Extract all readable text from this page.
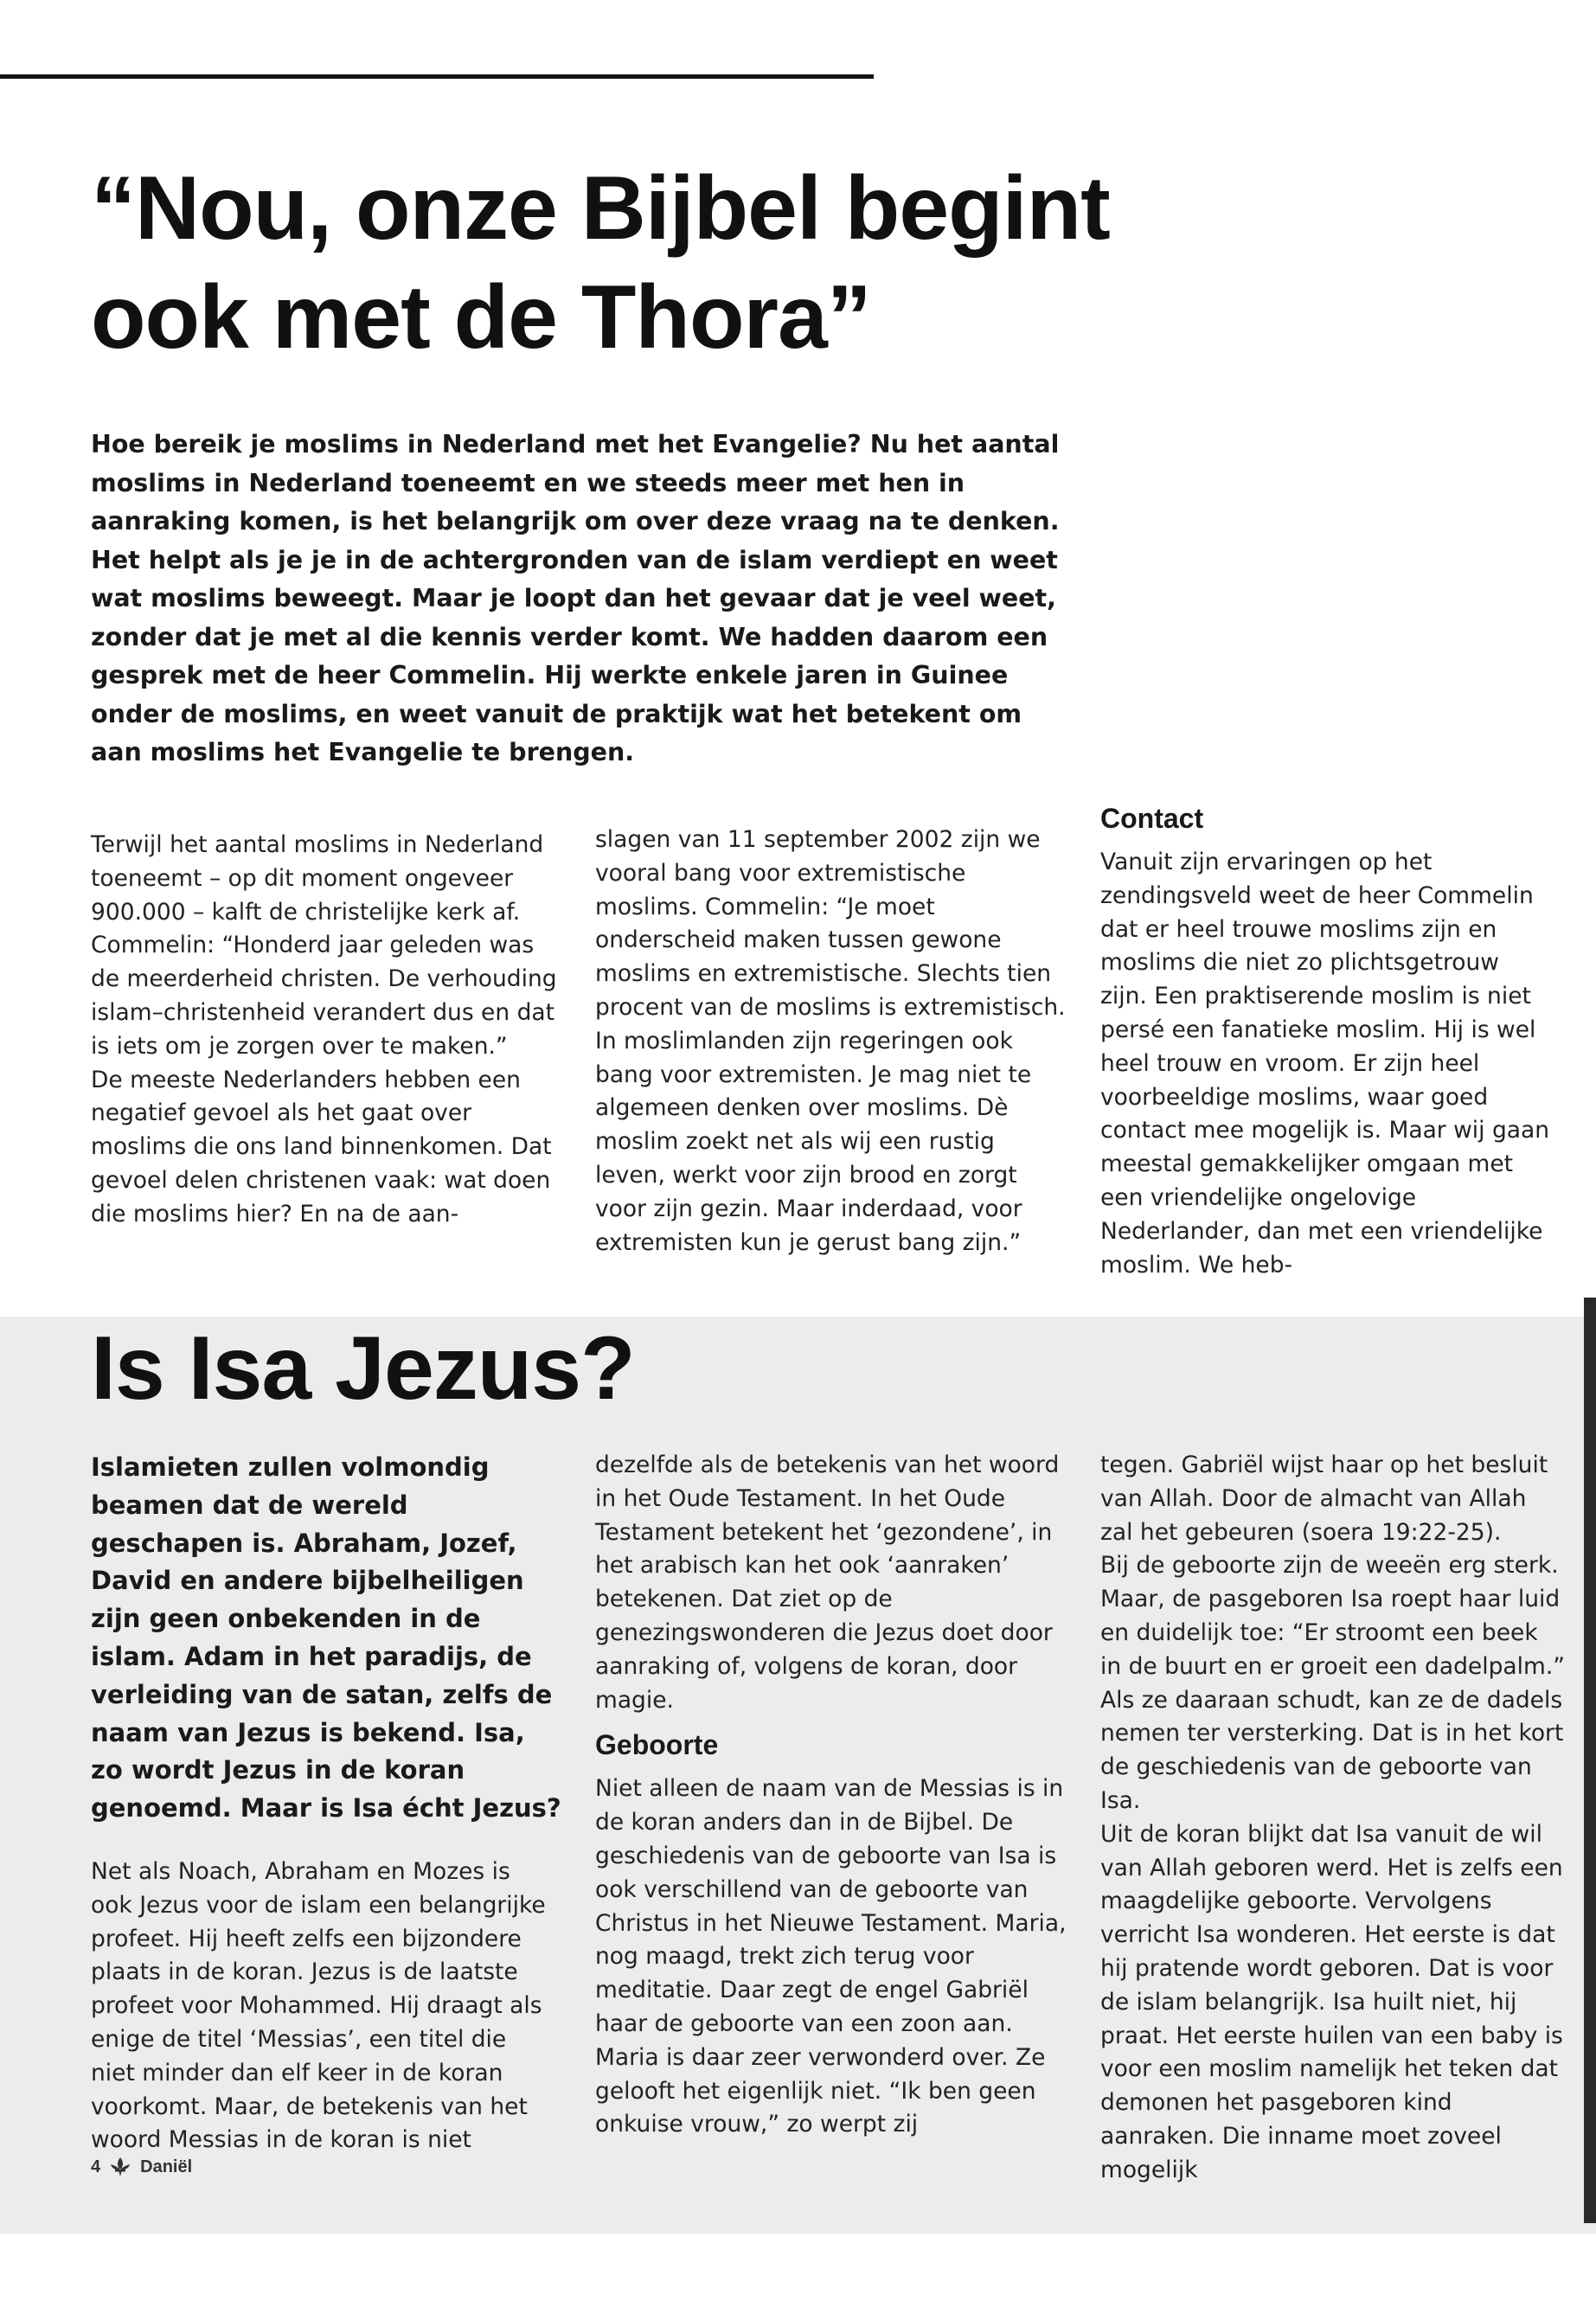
“Nou, onze Bijbel begint ook met de Thora”

Hoe bereik je moslims in Nederland met het Evangelie? Nu het aantal moslims in Nederland toeneemt en we steeds meer met hen in aanraking komen, is het belangrijk om over deze vraag na te denken. Het helpt als je je in de achtergronden van de islam verdiept en weet wat moslims beweegt. Maar je loopt dan het gevaar dat je veel weet, zonder dat je met al die kennis verder komt. We hadden daarom een gesprek met de heer Commelin. Hij werkte enkele jaren in Guinee onder de moslims, en weet vanuit de praktijk wat het betekent om aan moslims het Evangelie te brengen.

Terwijl het aantal moslims in Nederland toeneemt – op dit moment ongeveer 900.000 – kalft de christelijke kerk af. Commelin: “Honderd jaar geleden was de meerderheid christen. De verhouding islam–christenheid verandert dus en dat is iets om je zorgen over te maken.”

De meeste Nederlanders hebben een negatief gevoel als het gaat over moslims die ons land binnenkomen. Dat gevoel delen christenen vaak: wat doen die moslims hier? En na de aan-

slagen van 11 september 2002 zijn we vooral bang voor extremistische moslims. Commelin: “Je moet onderscheid maken tussen gewone moslims en extremistische. Slechts tien procent van de moslims is extremistisch. In moslimlanden zijn regeringen ook bang voor extremisten. Je mag niet te algemeen denken over moslims. Dè moslim zoekt net als wij een rustig leven, werkt voor zijn brood en zorgt voor zijn gezin. Maar inderdaad, voor extremisten kun je gerust bang zijn.”

Contact

Vanuit zijn ervaringen op het zendingsveld weet de heer Commelin dat er heel trouwe moslims zijn en moslims die niet zo plichtsgetrouw zijn. Een praktiserende moslim is niet persé een fanatieke moslim. Hij is wel heel trouw en vroom. Er zijn heel voorbeeldige moslims, waar goed contact mee mogelijk is. Maar wij gaan meestal gemakkelijker omgaan met een vriendelijke ongelovige Nederlander, dan met een vriendelijke moslim. We heb-

Is Isa Jezus?

Islamieten zullen volmondig beamen dat de wereld geschapen is. Abraham, Jozef, David en andere bijbelheiligen zijn geen onbekenden in de islam. Adam in het paradijs, de verleiding van de satan, zelfs de naam van Jezus is bekend. Isa, zo wordt Jezus in de koran genoemd. Maar is Isa écht Jezus?

Net als Noach, Abraham en Mozes is ook Jezus voor de islam een belangrijke profeet. Hij heeft zelfs een bijzondere plaats in de koran. Jezus is de laatste profeet voor Mohammed. Hij draagt als enige de titel ‘Messias’, een titel die niet minder dan elf keer in de koran voorkomt. Maar, de betekenis van het woord Messias in de koran is niet

dezelfde als de betekenis van het woord in het Oude Testament. In het Oude Testament betekent het ‘gezondene’, in het arabisch kan het ook ‘aanraken’ betekenen. Dat ziet op de genezingswonderen die Jezus doet door aanraking of, volgens de koran, door magie.

Geboorte

Niet alleen de naam van de Messias is in de koran anders dan in de Bijbel. De geschiedenis van de geboorte van Isa is ook verschillend van de geboorte van Christus in het Nieuwe Testament. Maria, nog maagd, trekt zich terug voor meditatie. Daar zegt de engel Gabriël haar de geboorte van een zoon aan. Maria is daar zeer verwonderd over. Ze gelooft het eigenlijk niet. “Ik ben geen onkuise vrouw,” zo werpt zij

tegen. Gabriël wijst haar op het besluit van Allah. Door de almacht van Allah zal het gebeuren (soera 19:22-25).

Bij de geboorte zijn de weeën erg sterk. Maar, de pasgeboren Isa roept haar luid en duidelijk toe: “Er stroomt een beek in de buurt en er groeit een dadelpalm.” Als ze daaraan schudt, kan ze de dadels nemen ter versterking. Dat is in het kort de geschiedenis van de geboorte van Isa.

Uit de koran blijkt dat Isa vanuit de wil van Allah geboren werd. Het is zelfs een maagdelijke geboorte. Vervolgens verricht Isa wonderen. Het eerste is dat hij pratende wordt geboren. Dat is voor de islam belangrijk. Isa huilt niet, hij praat. Het eerste huilen van een baby is voor een moslim namelijk het teken dat demonen het pasgeboren kind aanraken. Die inname moet zoveel mogelijk

4 Daniël
